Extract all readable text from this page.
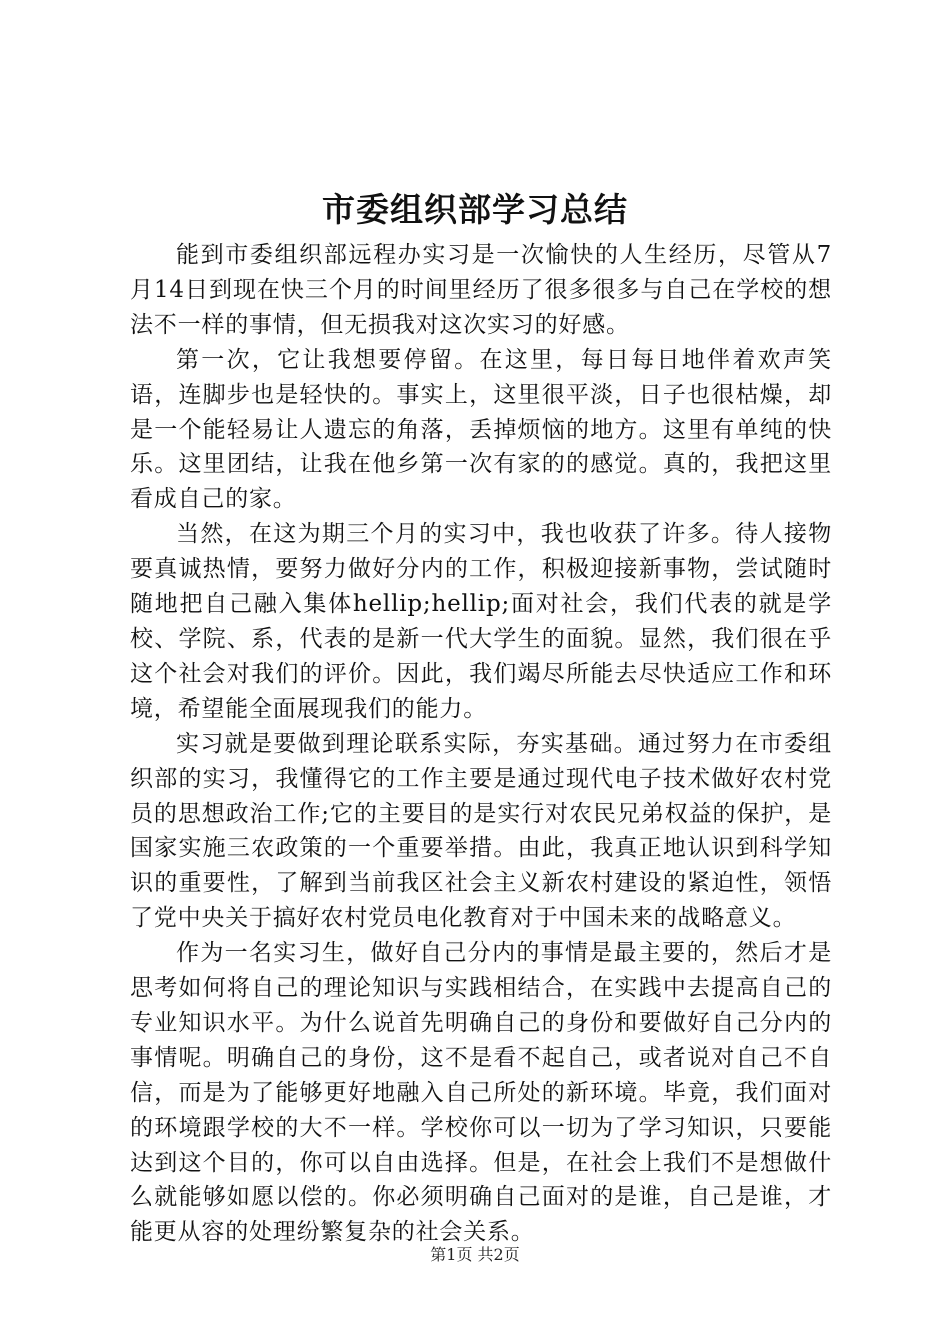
市委组织部学习总结

能到市委组织部远程办实习是一次愉快的人生经历，尽管从7月14日到现在快三个月的时间里经历了很多很多与自己在学校的想法不一样的事情，但无损我对这次实习的好感。

第一次，它让我想要停留。在这里，每日每日地伴着欢声笑语，连脚步也是轻快的。事实上，这里很平淡，日子也很枯燥，却是一个能轻易让人遗忘的角落，丢掉烦恼的地方。这里有单纯的快乐。这里团结，让我在他乡第一次有家的的感觉。真的，我把这里看成自己的家。

当然，在这为期三个月的实习中，我也收获了许多。待人接物要真诚热情，要努力做好分内的工作，积极迎接新事物，尝试随时随地把自己融入集体hellip;hellip;面对社会，我们代表的就是学校、学院、系，代表的是新一代大学生的面貌。显然，我们很在乎这个社会对我们的评价。因此，我们竭尽所能去尽快适应工作和环境，希望能全面展现我们的能力。

实习就是要做到理论联系实际，夯实基础。通过努力在市委组织部的实习，我懂得它的工作主要是通过现代电子技术做好农村党员的思想政治工作;它的主要目的是实行对农民兄弟权益的保护，是国家实施三农政策的一个重要举措。由此，我真正地认识到科学知识的重要性，了解到当前我区社会主义新农村建设的紧迫性，领悟了党中央关于搞好农村党员电化教育对于中国未来的战略意义。

作为一名实习生，做好自己分内的事情是最主要的，然后才是思考如何将自己的理论知识与实践相结合，在实践中去提高自己的专业知识水平。为什么说首先明确自己的身份和要做好自己分内的事情呢。明确自己的身份，这不是看不起自己，或者说对自己不自信，而是为了能够更好地融入自己所处的新环境。毕竟，我们面对的环境跟学校的大不一样。学校你可以一切为了学习知识，只要能达到这个目的，你可以自由选择。但是，在社会上我们不是想做什么就能够如愿以偿的。你必须明确自己面对的是谁，自己是谁，才能更从容的处理纷繁复杂的社会关系。

第1页 共2页
